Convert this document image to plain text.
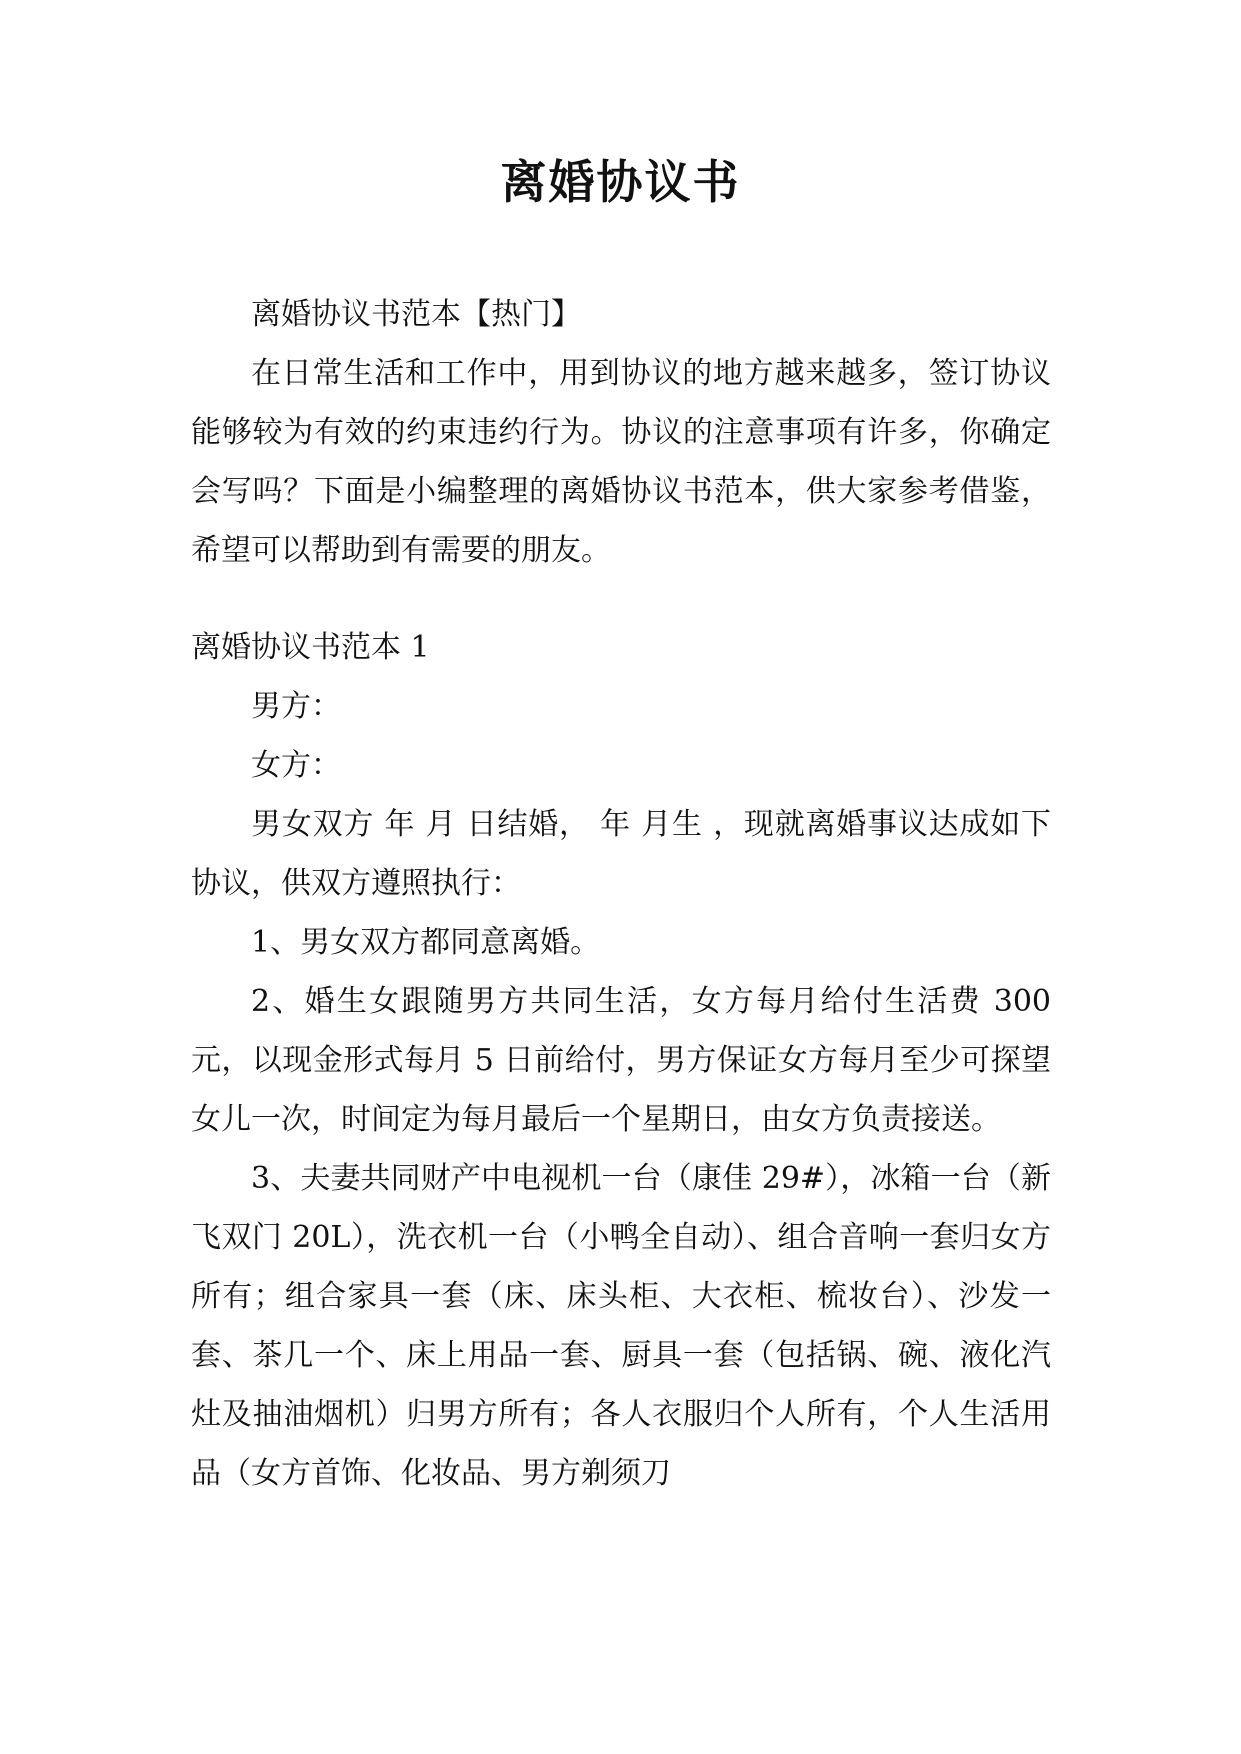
离婚协议书

离婚协议书范本【热门】

在日常生活和工作中，用到协议的地方越来越多，签订协议能够较为有效的约束违约行为。协议的注意事项有许多，你确定会写吗？下面是小编整理的离婚协议书范本，供大家参考借鉴，希望可以帮助到有需要的朋友。

离婚协议书范本 1

男方：

女方：

男女双方 年 月 日结婚， 年 月生 ，现就离婚事议达成如下协议，供双方遵照执行：

1、男女双方都同意离婚。

2、婚生女跟随男方共同生活，女方每月给付生活费 300元，以现金形式每月 5 日前给付，男方保证女方每月至少可探望女儿一次，时间定为每月最后一个星期日，由女方负责接送。

3、夫妻共同财产中电视机一台（康佳 29#），冰箱一台（新飞双门 20L），洗衣机一台（小鸭全自动）、组合音响一套归女方所有；组合家具一套（床、床头柜、大衣柜、梳妆台）、沙发一套、茶几一个、床上用品一套、厨具一套（包括锅、碗、液化汽灶及抽油烟机）归男方所有；各人衣服归个人所有，个人生活用品（女方首饰、化妆品、男方剃须刀
